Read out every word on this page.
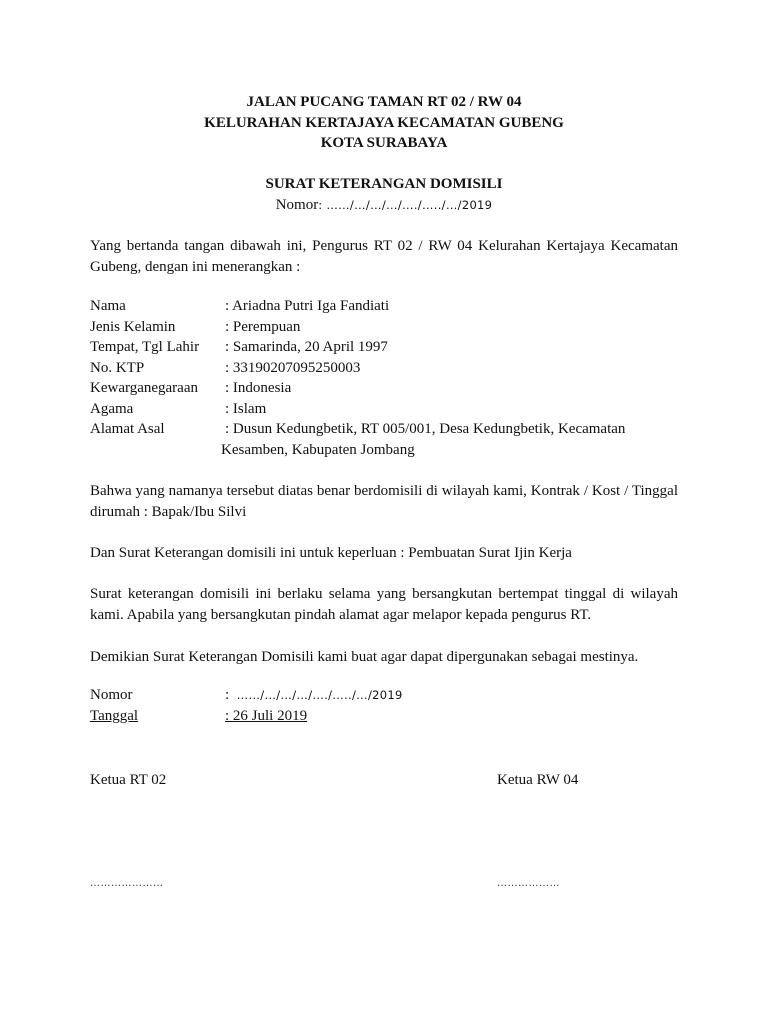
JALAN PUCANG TAMAN RT 02 / RW 04
KELURAHAN KERTAJAYA KECAMATAN GUBENG
KOTA SURABAYA
SURAT KETERANGAN DOMISILI
Nomor: ……/…/…/…/…./…../…/2019
Yang bertanda tangan dibawah ini, Pengurus RT 02 / RW 04 Kelurahan Kertajaya Kecamatan Gubeng, dengan ini menerangkan :
Nama	: Ariadna Putri Iga Fandiati
Jenis Kelamin	: Perempuan
Tempat, Tgl Lahir	: Samarinda, 20 April 1997
No. KTP	: 33190207095250003
Kewarganegaraan	: Indonesia
Agama	: Islam
Alamat Asal	: Dusun Kedungbetik, RT 005/001, Desa Kedungbetik, Kecamatan
Kesamben, Kabupaten Jombang
Bahwa yang namanya tersebut diatas benar berdomisili di wilayah kami, Kontrak / Kost / Tinggal dirumah : Bapak/Ibu Silvi
Dan Surat Keterangan domisili ini untuk keperluan : Pembuatan Surat Ijin Kerja
Surat keterangan domisili ini berlaku selama yang bersangkutan bertempat tinggal di wilayah kami. Apabila yang bersangkutan pindah alamat agar melapor kepada pengurus RT.
Demikian Surat Keterangan Domisili kami buat agar dapat dipergunakan sebagai mestinya.
Nomor	: ……/…/…/…/…./…../…/2019
Tanggal	: 26 Juli 2019
Ketua RT 02	Ketua RW 04
…………………	………………
